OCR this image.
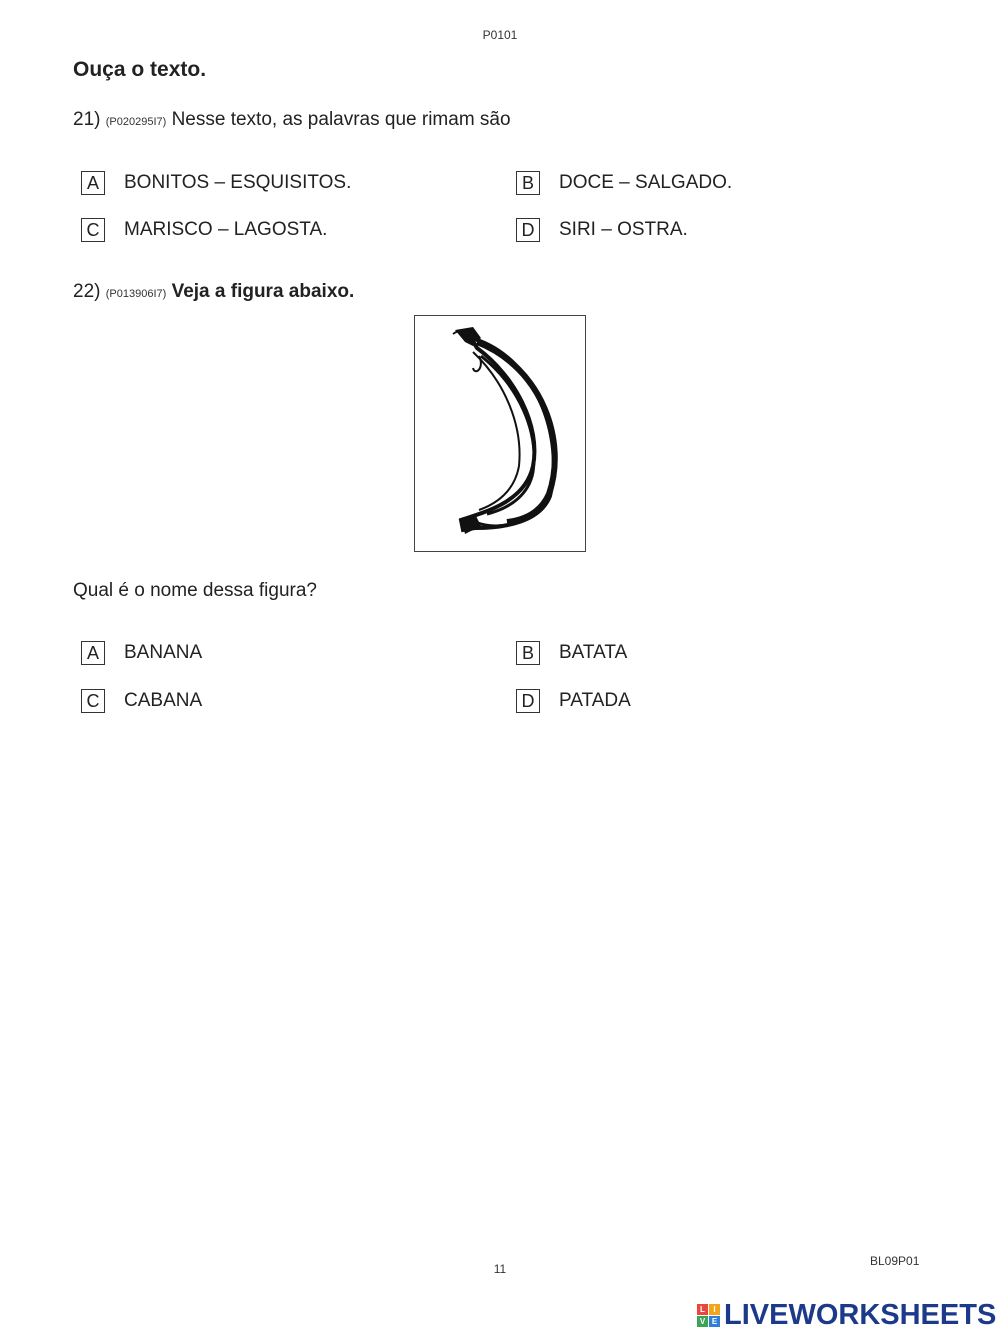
P0101
Ouça o texto.
21) (P020295I7) Nesse texto, as palavras que rimam são
A	BONITOS – ESQUISITOS.	B	DOCE – SALGADO.
C MARISCO – LAGOSTA.	D SIRI – OSTRA.
22) (P013906I7) Veja a figura abaixo.
Qual é o nome dessa figura?
A	BANANA	B	BATATA
C CABANA	D PATADA
11
BL09P01
L	I
V E LIVEWORKSHEETS
